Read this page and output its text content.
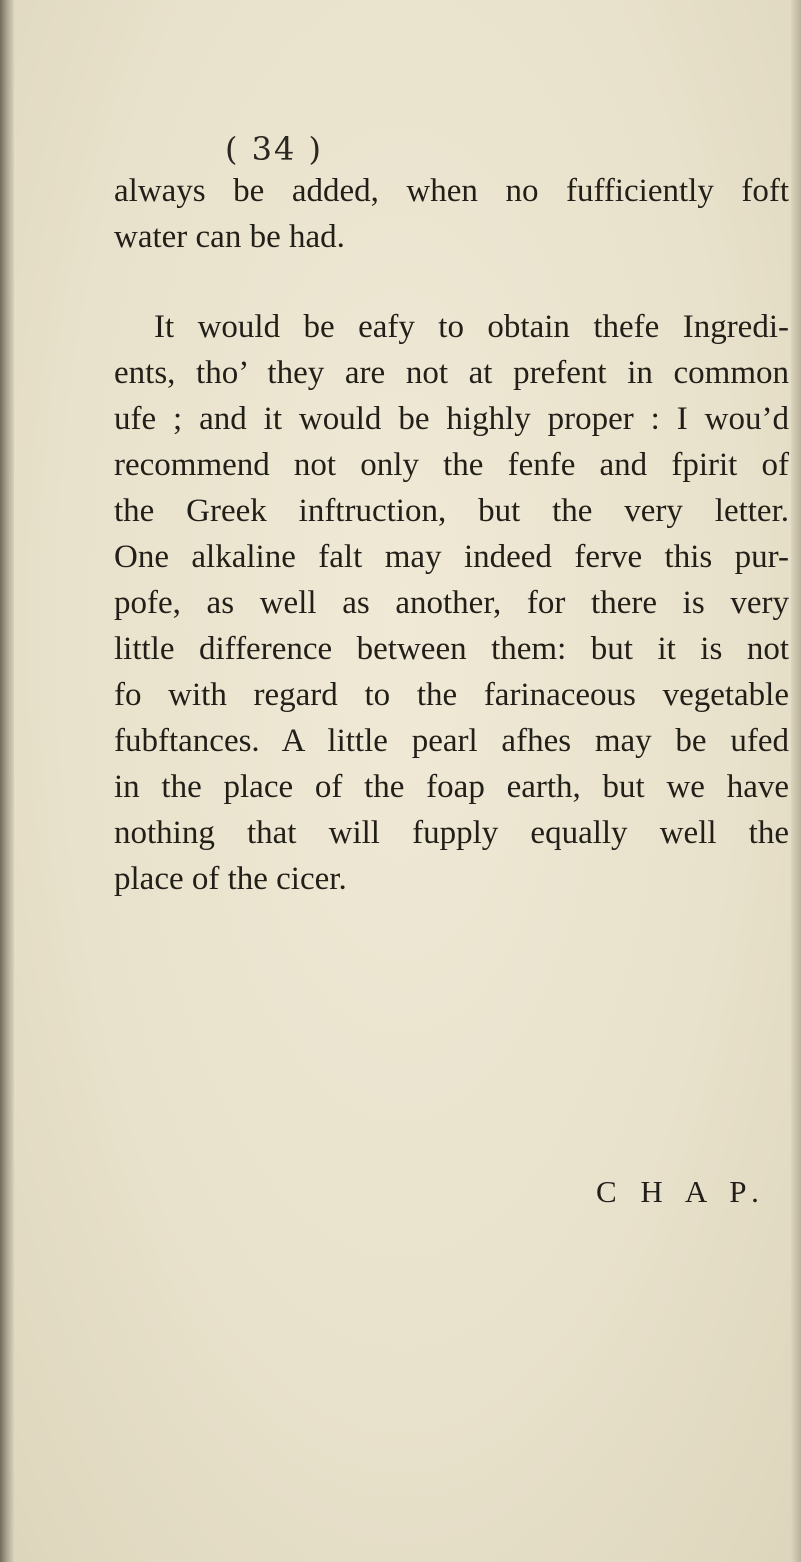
( 34 )
always be added, when no fufficiently foft
water can be had.
It would be eafy to obtain thefe Ingredi-
ents, tho’ they are not at prefent in common
ufe ; and it would be highly proper : I wou’d
recommend not only the fenfe and fpirit of
the Greek inftruction, but the very letter.
One alkaline falt may indeed ferve this pur-
pofe, as well as another, for there is very
little difference between them: but it is not
fo with regard to the farinaceous vegetable
fubftances. A little pearl afhes may be ufed
in the place of the foap earth, but we have
nothing that will fupply equally well the
place of the cicer.
C H A P.
